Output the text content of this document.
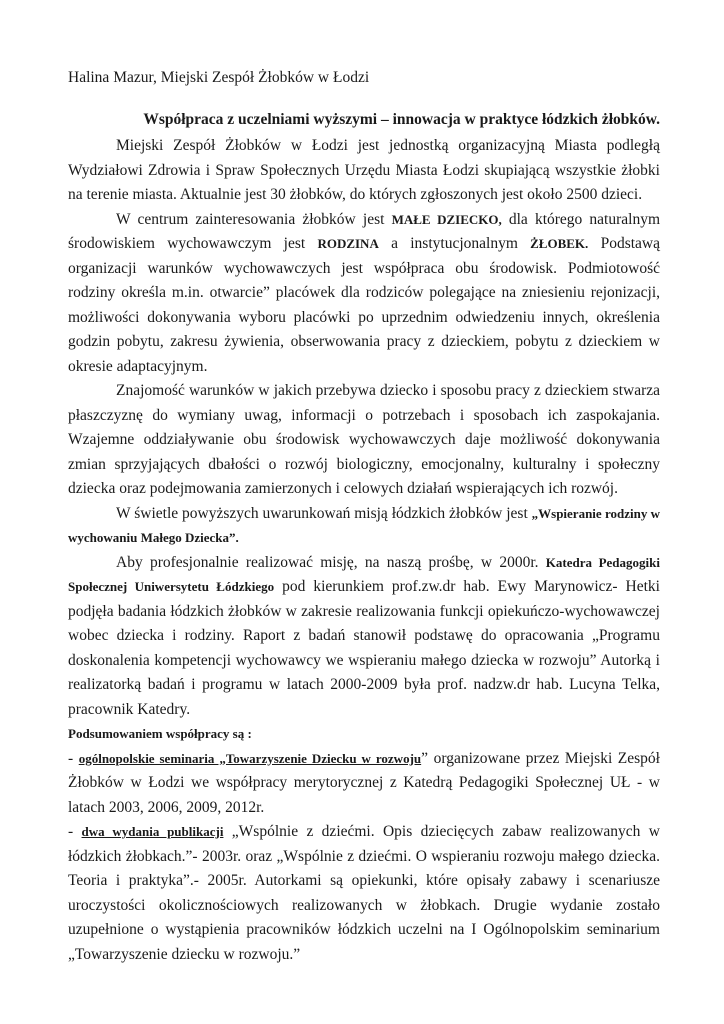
Halina Mazur, Miejski Zespół Żłobków w Łodzi

Współpraca z uczelniami wyższymi – innowacja w praktyce łódzkich żłobków.

Miejski Zespół Żłobków w Łodzi jest jednostką organizacyjną Miasta podległą Wydziałowi Zdrowia i Spraw Społecznych Urzędu Miasta Łodzi skupiającą wszystkie żłobki na terenie miasta. Aktualnie jest 30 żłobków, do których zgłoszonych jest około 2500 dzieci.

W centrum zainteresowania żłobków jest MAŁE DZIECKO, dla którego naturalnym środowiskiem wychowawczym jest RODZINA a instytucjonalnym ŻŁOBEK. Podstawą organizacji warunków wychowawczych jest współpraca obu środowisk. Podmiotowość rodziny określa m.in. otwarcie” placówek dla rodziców polegające na zniesieniu rejonizacji, możliwości dokonywania wyboru placówki po uprzednim odwiedzeniu innych, określenia godzin pobytu, zakresu żywienia, obserwowania pracy z dzieckiem, pobytu z dzieckiem w okresie adaptacyjnym.

Znajomość warunków w jakich przebywa dziecko i sposobu pracy z dzieckiem stwarza płaszczyznę do wymiany uwag, informacji o potrzebach i sposobach ich zaspokajania. Wzajemne oddziaływanie obu środowisk wychowawczych daje możliwość dokonywania zmian sprzyjających dbałości o rozwój biologiczny, emocjonalny, kulturalny i społeczny dziecka oraz podejmowania zamierzonych i celowych działań wspierających ich rozwój.

W świetle powyższych uwarunkowań misją łódzkich żłobków jest „Wspieranie rodziny w wychowaniu Małego Dziecka”.

Aby profesjonalnie realizować misję, na naszą prośbę, w 2000r. Katedra Pedagogiki Społecznej Uniwersytetu Łódzkiego pod kierunkiem prof.zw.dr hab. Ewy Marynowicz- Hetki podjęła badania łódzkich żłobków w zakresie realizowania funkcji opiekuńczo-wychowawczej wobec dziecka i rodziny. Raport z badań stanowił podstawę do opracowania „Programu doskonalenia kompetencji wychowawcy we wspieraniu małego dziecka w rozwoju” Autorką i realizatorką badań i programu w latach 2000-2009 była prof. nadzw.dr hab. Lucyna Telka, pracownik Katedry.

Podsumowaniem współpracy są :

- ogólnopolskie seminaria „Towarzyszenie Dziecku w rozwoju” organizowane przez Miejski Zespół Żłobków w Łodzi we współpracy merytorycznej z Katedrą Pedagogiki Społecznej UŁ - w latach 2003, 2006, 2009, 2012r.

- dwa wydania publikacji „Wspólnie z dziećmi. Opis dziecięcych zabaw realizowanych w łódzkich żłobkach.”- 2003r. oraz „Wspólnie z dziećmi. O wspieraniu rozwoju małego dziecka. Teoria i praktyka”.- 2005r. Autorkami są opiekunki, które opisały zabawy i scenariusze uroczystości okolicznościowych realizowanych w żłobkach. Drugie wydanie zostało uzupełnione o wystąpienia pracowników łódzkich uczelni na I Ogólnopolskim seminarium „Towarzyszenie dziecku w rozwoju.”
